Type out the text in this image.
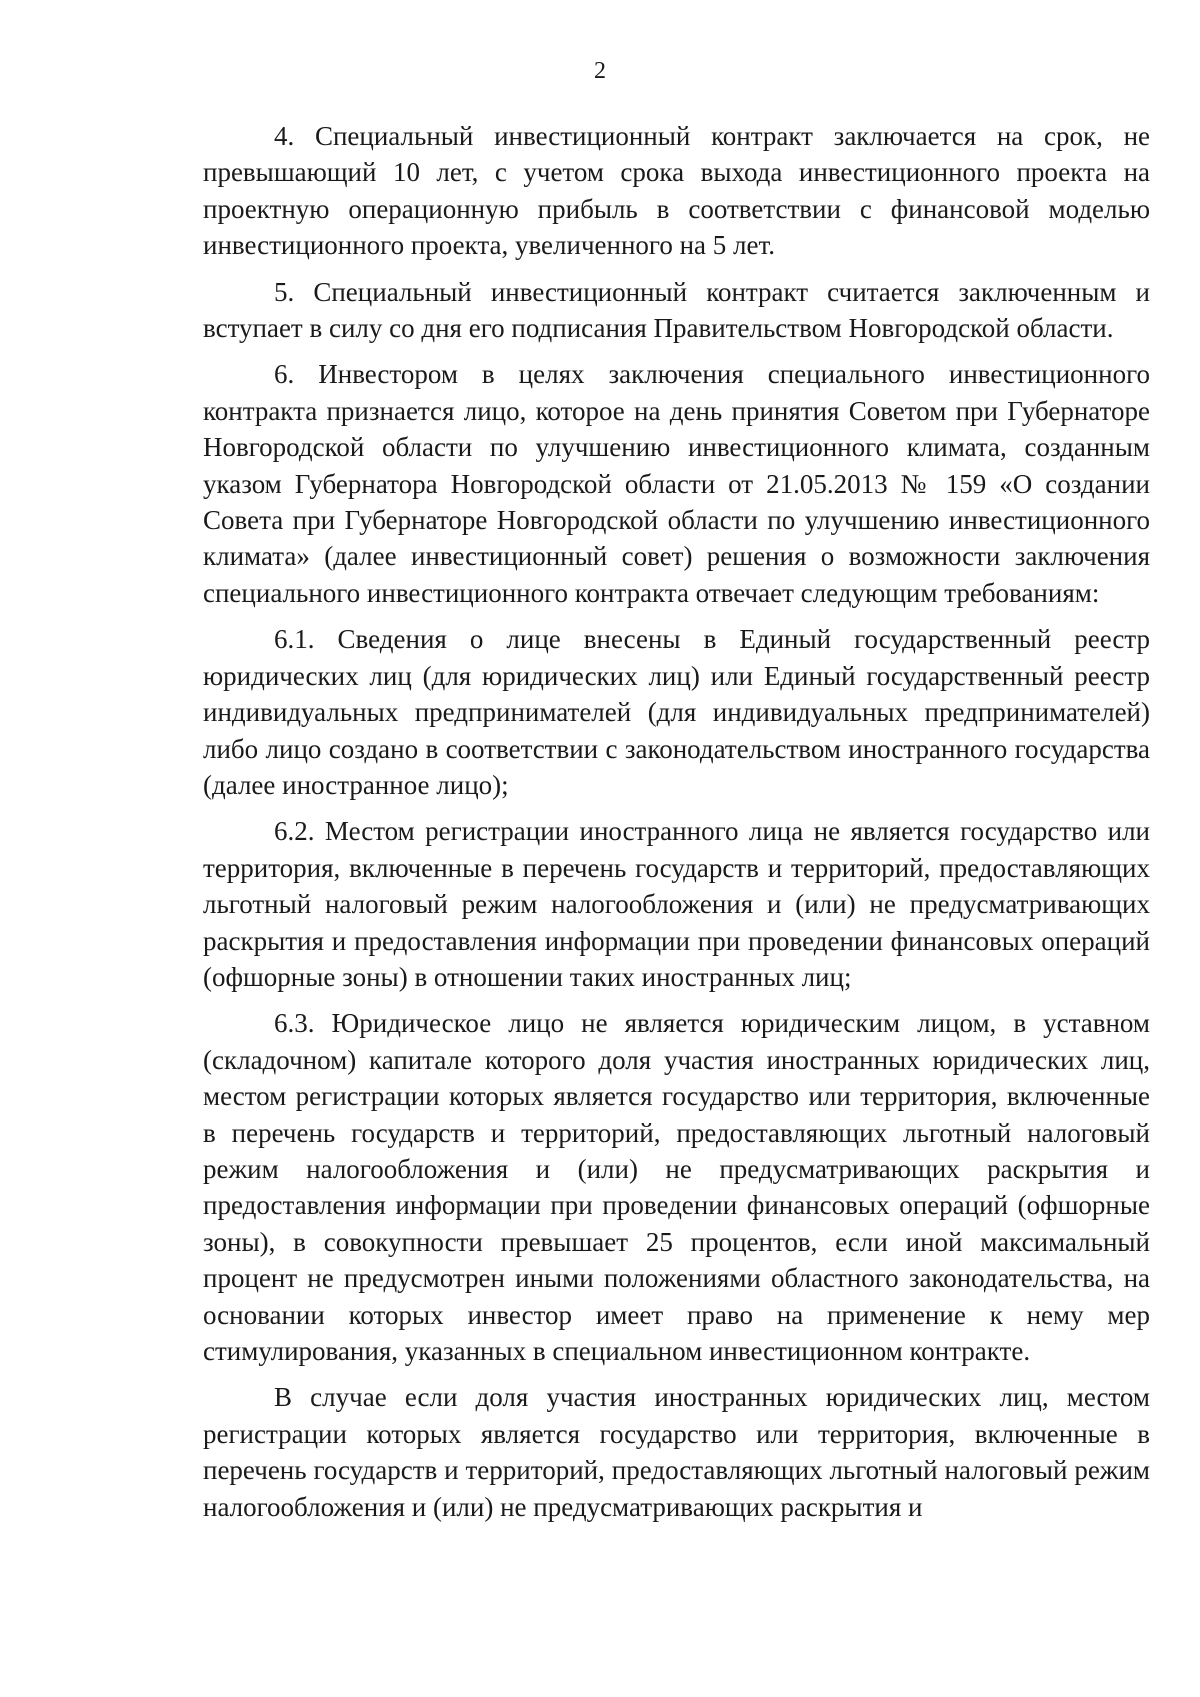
2

4. Специальный инвестиционный контракт заключается на срок, не превышающий 10 лет, с учетом срока выхода инвестиционного проекта на проектную операционную прибыль в соответствии с финансовой моделью инвестиционного проекта, увеличенного на 5 лет.

5. Специальный инвестиционный контракт считается заключенным и вступает в силу со дня его подписания Правительством Новгородской области.

6. Инвестором в целях заключения специального инвестиционного контракта признается лицо, которое на день принятия Советом при Губернаторе Новгородской области по улучшению инвестиционного климата, созданным указом Губернатора Новгородской области от 21.05.2013 № 159 «О создании Совета при Губернаторе Новгородской области по улучшению инвестиционного климата» (далее инвестиционный совет) решения о возможности заключения специального инвестиционного контракта отвечает следующим требованиям:

6.1. Сведения о лице внесены в Единый государственный реестр юридических лиц (для юридических лиц) или Единый государственный реестр индивидуальных предпринимателей (для индивидуальных предпринимателей) либо лицо создано в соответствии с законодательством иностранного государства (далее иностранное лицо);

6.2. Местом регистрации иностранного лица не является государство или территория, включенные в перечень государств и территорий, предоставляющих льготный налоговый режим налогообложения и (или) не предусматривающих раскрытия и предоставления информации при проведении финансовых операций (офшорные зоны) в отношении таких иностранных лиц;

6.3. Юридическое лицо не является юридическим лицом, в уставном (складочном) капитале которого доля участия иностранных юридических лиц, местом регистрации которых является государство или территория, включенные в перечень государств и территорий, предоставляющих льготный налоговый режим налогообложения и (или) не предусматривающих раскрытия и предоставления информации при проведении финансовых операций (офшорные зоны), в совокупности превышает 25 процентов, если иной максимальный процент не предусмотрен иными положениями областного законодательства, на основании которых инвестор имеет право на применение к нему мер стимулирования, указанных в специальном инвестиционном контракте.

В случае если доля участия иностранных юридических лиц, местом регистрации которых является государство или территория, включенные в перечень государств и территорий, предоставляющих льготный налоговый режим налогообложения и (или) не предусматривающих раскрытия и
